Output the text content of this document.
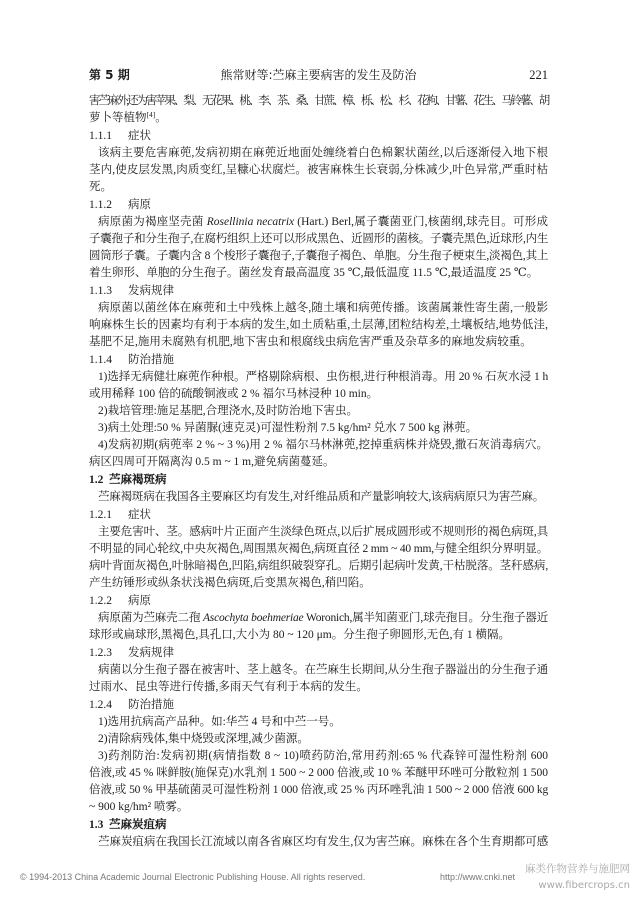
第 5 期	熊常财等:苎麻主要病害的发生及防治	221
害苎麻外,还为害苹果、梨、无花果、桃、李、茶、桑、甘蔗、樟、栎、松、杉、花枸、甘薯、花生、马铃薯、胡
萝卜等植物[4]。
1.1.1 症状
该病主要危害麻蔸,发病初期在麻蔸近地面处缠绕着白色棉絮状菌丝,以后逐渐侵入地下根
茎内,使皮层发黑,肉质变红,呈糠心状腐烂。被害麻株生长衰弱,分株减少,叶色异常,严重时枯
死。
1.1.2 病原
病原菌为褐座坚壳菌 Rosellinia necatrix (Hart.) Berl,属子囊菌亚门,核菌纲,球壳目。可形成
子囊孢子和分生孢子,在腐朽组织上还可以形成黑色、近圆形的菌核。子囊壳黑色,近球形,内生
圆筒形子囊。子囊内含 8 个梭形子囊孢子,子囊孢子褐色、单胞。分生孢子梗束生,淡褐色,其上
着生卵形、单胞的分生孢子。菌丝发育最高温度 35 ℃,最低温度 11.5 ℃,最适温度 25 ℃。
1.1.3 发病规律
病原菌以菌丝体在麻蔸和土中残株上越冬,随土壤和病蔸传播。该菌属兼性寄生菌,一般影
响麻株生长的因素均有利于本病的发生,如土质粘重,土层薄,团粒结构差,土壤板结,地势低洼,
基肥不足,施用未腐熟有机肥,地下害虫和根腐线虫病危害严重及杂草多的麻地发病较重。
1.1.4 防治措施
1)选择无病健壮麻蔸作种根。严格剔除病根、虫伤根,进行种根消毒。用 20 % 石灰水浸 1 h
或用稀释 100 倍的硫酸铜液或 2 % 福尔马林浸种 10 min。
2)栽培管理:施足基肥,合理浇水,及时防治地下害虫。
3)病土处理:50 % 异菌脲(速克灵)可湿性粉剂 7.5 kg/hm² 兑水 7 500 kg 淋蔸。
4)发病初期(病蔸率 2 % ~ 3 %)用 2 % 福尔马林淋蔸,挖掉重病株并烧毁,撒石灰消毒病穴。
病区四周可开隔离沟 0.5 m ~ 1 m,避免病菌蔓延。
1.2 苎麻褐斑病
苎麻褐斑病在我国各主要麻区均有发生,对纤维品质和产量影响较大,该病病原只为害苎麻。
1.2.1 症状
主要危害叶、茎。感病叶片正面产生淡绿色斑点,以后扩展成圆形或不规则形的褐色病斑,具
不明显的同心轮纹,中央灰褐色,周围黑灰褐色,病斑直径 2 mm ~ 40 mm,与健全组织分界明显。
病叶背面灰褐色,叶脉暗褐色,凹陷,病组织破裂穿孔。后期引起病叶发黄,干枯脱落。茎秆感病,
产生纺锤形或纵条状浅褐色病斑,后变黑灰褐色,稍凹陷。
1.2.2 病原
病原菌为苎麻壳二孢 Ascochyta boehmeriae Woronich,属半知菌亚门,球壳孢目。分生孢子器近
球形或扁球形,黑褐色,具孔口,大小为 80 ~ 120 μm。分生孢子卵圆形,无色,有 1 横隔。
1.2.3 发病规律
病菌以分生孢子器在被害叶、茎上越冬。在苎麻生长期间,从分生孢子器溢出的分生孢子通
过雨水、昆虫等进行传播,多雨天气有利于本病的发生。
1.2.4 防治措施
1)选用抗病高产品种。如:华苎 4 号和中苎一号。
2)清除病残体,集中烧毁或深埋,减少菌源。
3)药剂防治:发病初期(病情指数 8 ~ 10)喷药防治,常用药剂:65 % 代森锌可湿性粉剂 600
倍液,或 45 % 咪鲜胺(施保克)水乳剂 1 500 ~ 2 000 倍液,或 10 % 苯醚甲环唑可分散粒剂 1 500
倍液,或 50 % 甲基硫菌灵可湿性粉剂 1 000 倍液,或 25 % 丙环唑乳油 1 500 ~ 2 000 倍液 600 kg
~ 900 kg/hm² 喷雾。
1.3 苎麻炭疽病
苎麻炭疽病在我国长江流域以南各省麻区均有发生,仅为害苎麻。麻株在各个生育期都可感
© 1994-2013 China Academic Journal Electronic Publishing House. All rights reserved.	http://www.cnki.net
麻类作物营养与施肥网
www.fibercrops.cn
